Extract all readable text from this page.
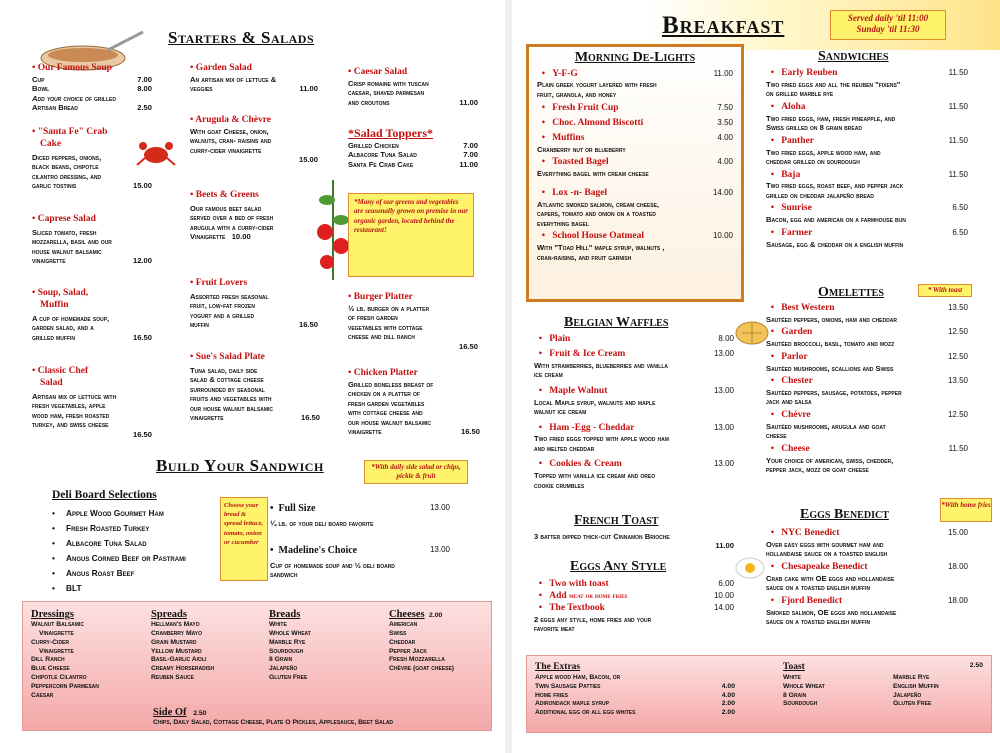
Starters & Salads
• Our Famous Soup
Cup	7.00
Bowl	8.00
Add your choice of grilled
Artisan Bread	2.50
• "Santa Fe" Crab
Cake
Diced peppers, onions,
black beans, chipotle
cilantro dressing, and
garlic tostinis	15.00
• Caprese Salad
Sliced tomato, fresh
mozzarella, basil and our
house walnut balsamic
vinaigrette	12.00
• Soup, Salad,
Muffin
A cup of homemade soup,
garden salad, and a
grilled muffin	16.50
• Classic Chef
Salad
Artisan mix of lettuce with
fresh vegetables, apple
wood ham, fresh roasted
turkey, and swiss cheese
16.50
• Garden Salad
An artisan mix of lettuce &
veggies	11.00
• Arugula & Chèvre
With goat Cheese, onion,
walnuts, cran- raisins and
curry-cider vinaigrette
15.00
• Beets & Greens
Our famous beet salad
served over a bed of fresh
arugula with a curry-cider
Vinaigrette 10.00
• Fruit Lovers
Assorted fresh seasonal
fruit, low-fat frozen
yogurt and a grilled
muffin	16.50
• Sue's Salad Plate
Tuna salad, daily side
salad & cottage cheese
surrounded by seasonal
fruits and vegetables with
our house walnut balsamic
vinaigrette	16.50
• Caesar Salad
Crisp romaine with tuscan
caesar, shaved parmesan
and croutons	11.00
*Salad Toppers*
Grilled Chicken	7.00
Albacore Tuna Salad	7.00
Santa Fe Crab Cake	11.00
*Many of our greens and vegetables are seasonally grown on premise in our organic garden, located behind the restaurant!
• Burger Platter
½ lb. burger on a platter
of fresh garden
vegetables with cottage
cheese and dill ranch
16.50
• Chicken Platter
Grilled boneless breast of
chicken on a platter of
fresh garden vegetables
with cottage cheese and
our house walnut balsamic
vinaigrette	16.50
Build Your Sandwich	*With daily side salad or chips, pickle & fruit
Deli Board Selections
• Apple Wood Gourmet Ham
• Fresh Roasted Turkey
• Albacore Tuna Salad
• Angus Corned Beef or Pastrami
• Angus Roast Beef
• BLT
Choose your bread & spread lettuce, tomato, onion or cucumber
•  Full Size	13.00
¼ lb. of your deli board favorite
•  Madeline's Choice	13.00
Cup of homemade soup and ½ deli board
sandwich
Dressings
Walnut Balsamic
Vinaigrette
Curry-Cider
Vinaigrette
Dill Ranch
Blue Cheese
Chipotle Cilantro
Peppercorn Parmesan
Caesar
Spreads
Hellman's Mayo
Cranberry Mayo
Grain Mustard
Yellow Mustard
Basil-Garlic Aioli
Creamy Horseradish
Reuben Sauce
Breads
White
Whole Wheat
Marble Rye
Sourdough
8 Grain
Jalapeño
Gluten Free
Cheeses 2.00
American
Swiss
Cheddar
Pepper Jack
Fresh Mozzarella
Chèvre (goat cheese)
Side Of 2.50
Chips, Daily Salad, Cottage Cheese, Plate O Pickles, Applesauce, Beet Salad
Breakfast	Served daily 'til 11:00
Sunday 'til 11:30
Morning De-Lights
•   Y-F-G	11.00
Plain greek yogurt layered with fresh
fruit, granola, and honey
•   Fresh Fruit Cup	7.50
•   Choc. Almond Biscotti	3.50
•   Muffins	4.00
Cranberry nut or blueberry
•   Toasted Bagel	4.00
Everything bagel with cream cheese
•   Lox -n- Bagel	14.00
Atlantic smoked salmon, cream cheese,
capers, tomato and onion on a toasted
everything bagel
•   School House Oatmeal	10.00
With "Toad Hill" maple syrup, walnuts ,
cran-raisins, and fruit garnish
Belgian Waffles
•   Plain	8.00
•   Fruit & Ice Cream	13.00
With strawberries, blueberries and vanilla
ice cream
•   Maple Walnut	13.00
Local Maple syrup, walnuts and maple
walnut ice cream
•   Ham -Egg - Cheddar	13.00
Two fried eggs topped with apple wood ham
and melted cheddar
•   Cookies & Cream	13.00
Topped with vanilla ice cream and oreo
cookie crumbles
French Toast
3 batter dipped thick-cut Cinnamon Brioche
11.00
Eggs Any Style
•   Two with toast	6.00
•   Add meat or home fries	10.00
•   The Textbook	14.00
2 eggs any style, home fries and your
favorite meat
Sandwiches
•   Early Reuben	11.50
Two fried eggs and all the reuben "fixens"
on grilled marble rye
•   Aloha	11.50
Two fried eggs, ham, fresh pineapple, and
Swiss grilled on 8 grain bread
•   Panther	11.50
Two fried eggs, apple wood ham, and
cheddar grilled on sourdough
•   Baja	11.50
Two fried eggs, roast beef, and pepper jack
grilled on cheddar jalapeño bread
•   Sunrise	6.50
Bacon, egg and american on a farmhouse bun
•   Farmer	6.50
Sausage, egg & cheddar on a english muffin
Omelettes	* With toast
•   Best Western	13.50
Sautéed peppers, onions, ham and cheddar
•   Garden	12.50
Sautéed broccoli, basil, tomato and mozz
•   Parlor	12.50
Sautéed mushrooms, scallions and Swiss
•   Chester	13.50
Sautéed peppers, sausage, potatoes, pepper
jack and salsa
•   Chévre	12.50
Sautéed mushrooms, arugula and goat
cheese
•   Cheese	11.50
Your choice of american, swiss, chedder,
pepper jack, mozz or goat cheese
Eggs Benedict
*With home fries
•   NYC Benedict	15.00
Over easy eggs with gourmet ham and
hollandaise sauce on a toasted english
•   Chesapeake Benedict	18.00
Crab cake with OE eggs and hollandaise
sauce on a toasted english muffin
•   Fjord Benedict	18.00
Smoked salmon, OE eggs and hollandaise
sauce on a toasted english muffin
The Extras
Apple wood Ham, Bacon, or
Twin Sausage Patties	4.00
Home fries	4.00
Adirondack maple syrup	2.00
Additional egg or all egg whites	2.00
Toast	2.50
White
Whole Wheat
8 Grain
Sourdough
Marble Rye
English Muffin
Jalapeño
Gluten Free
